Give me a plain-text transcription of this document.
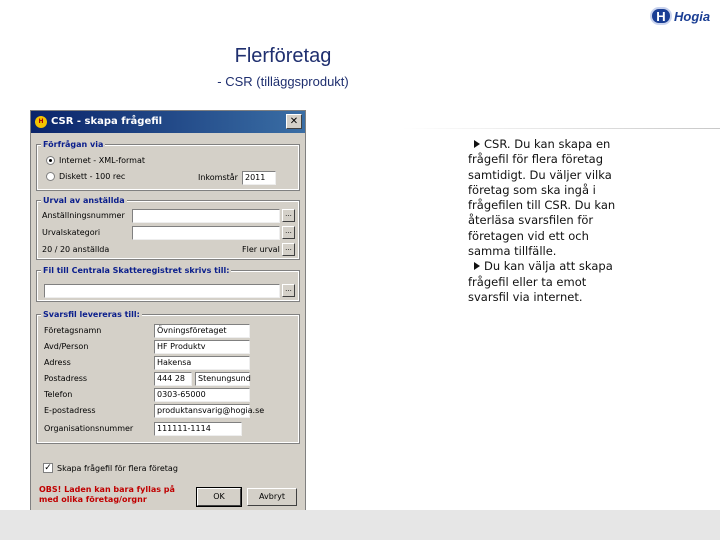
Flerföretag
- CSR (tilläggsprodukt)
H Hogia
CSR. Du kan skapa en frågefil för flera företag samtidigt. Du väljer vilka företag som ska ingå i frågefilen till CSR. Du kan återläsa svarsfilen för företagen vid ett och samma tillfälle.
Du kan välja att skapa frågefil eller ta emot svarsfil via internet.
H CSR - skapa frågefil	✕
Förfrågan via
Internet - XML-format
Diskett - 100 rec	Inkomstår 2011
Urval av anställda
Anställningsnummer	...
Urvalskategori	...
20 / 20 anställda	Fler urval ...
Fil till Centrala Skatteregistret skrivs till:
...
Svarsfil levereras till:
Företagsnamn	Övningsföretaget
Avd/Person	HF Produktv
Adress	Hakensa
Postadress	444 28	Stenungsund
Telefon	0303-65000
E-postadress	produktansvarig@hogia.se
Organisationsnummer	111111-1114
✓ Skapa frågefil för flera företag
OBS! Laden kan bara fyllas på
med olika företag/orgnr	OK	Avbryt
